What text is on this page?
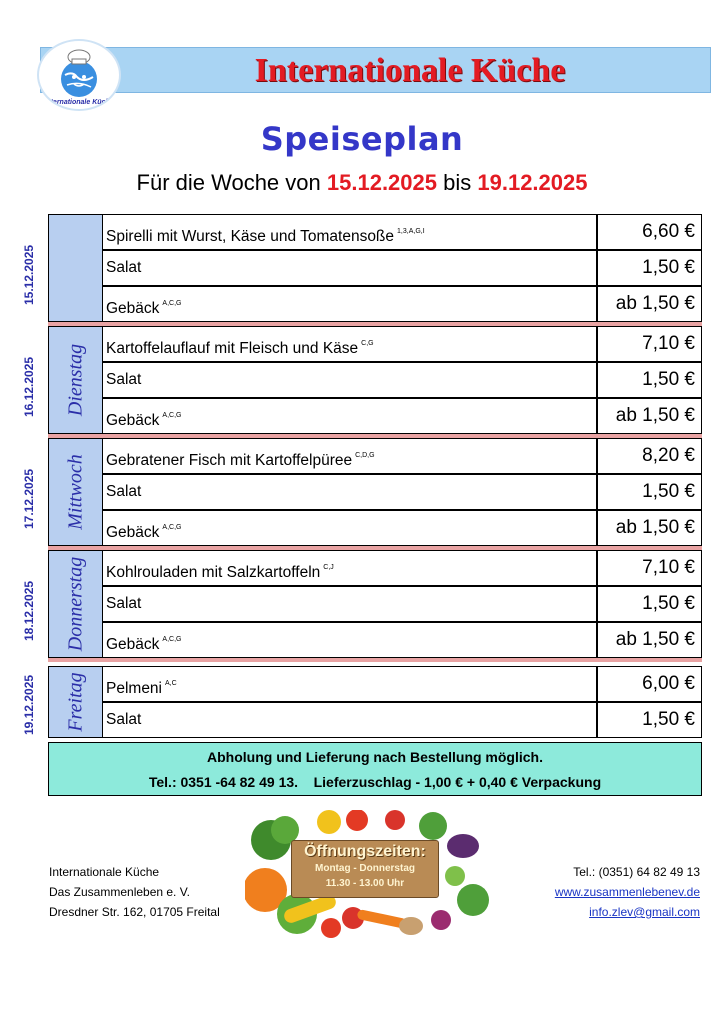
Internationale Küche
Internationale Küche
Speiseplan
Für die Woche von 15.12.2025 bis 19.12.2025
15.12.2025
Spirelli mit Wurst, Käse und Tomatensoße $^{1,3,A,G,I}$	6,60 €
Salat	1,50 €
Gebäck $^{A,C,G}$	ab 1,50 €
16.12.2025 Dienstag Kartoffelauflauf mit Fleisch und Käse $^{C,G}$	7,10 €
Salat	1,50 €
Gebäck $^{A,C,G}$	ab 1,50 €
17.12.2025 Mittwoch Gebratener Fisch mit Kartoffelpüree $^{C,D,G}$	8,20 €
Salat	1,50 €
Gebäck $^{A,C,G}$	ab 1,50 €
18.12.2025 Donnerstag Kohlrouladen mit Salzkartoffeln $^{C,J}$	7,10 €
Salat	1,50 €
Gebäck $^{A,C,G}$	ab 1,50 €
19.12.2025 Freitag Pelmeni $^{A,C}$	6,00 €
Salat	1,50 €
Abholung und Lieferung nach Bestellung möglich.
Tel.: 0351 -64 82 49 13.    Lieferzuschlag - 1,00 € + 0,40 € Verpackung
Internationale Küche
Das Zusammenleben e. V.
Dresdner Str. 162, 01705 Freital
Öffnungszeiten:
Montag - Donnerstag
11.30 - 13.00 Uhr
Tel.: (0351) 64 82 49 13
www.zusammenlebenev.de
info.zlev@gmail.com
